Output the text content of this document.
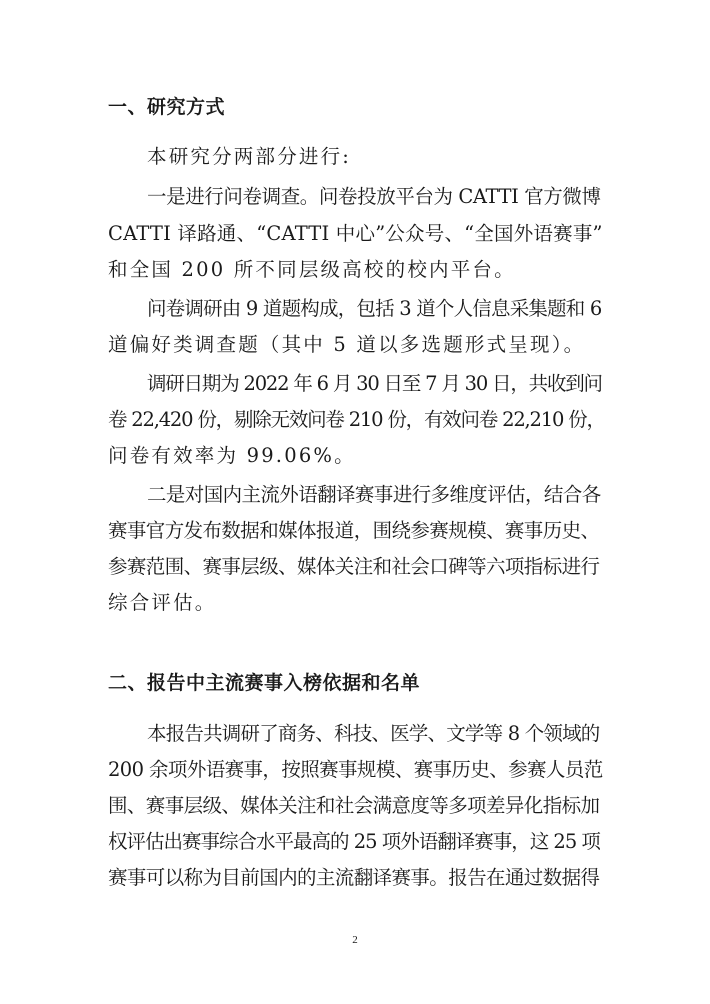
一、研究方式

本研究分两部分进行:

一是进行问卷调查。问卷投放平台为 CATTI 官方微博

CATTI 译路通、“CATTI 中心”公众号、“全国外语赛事”

和全国 200 所不同层级高校的校内平台。

问卷调研由 9 道题构成，包括 3 道个人信息采集题和 6

道偏好类调查题（其中 5 道以多选题形式呈现）。

调研日期为 2022 年 6 月 30 日至 7 月 30 日，共收到问

卷 22,420 份，剔除无效问卷 210 份，有效问卷 22,210 份，

问卷有效率为 99.06%。

二是对国内主流外语翻译赛事进行多维度评估，结合各

赛事官方发布数据和媒体报道，围绕参赛规模、赛事历史、

参赛范围、赛事层级、媒体关注和社会口碑等六项指标进行

综合评估。

二、报告中主流赛事入榜依据和名单

本报告共调研了商务、科技、医学、文学等 8 个领域的

200 余项外语赛事，按照赛事规模、赛事历史、参赛人员范

围、赛事层级、媒体关注和社会满意度等多项差异化指标加

权评估出赛事综合水平最高的 25 项外语翻译赛事，这 25 项

赛事可以称为目前国内的主流翻译赛事。报告在通过数据得

2
